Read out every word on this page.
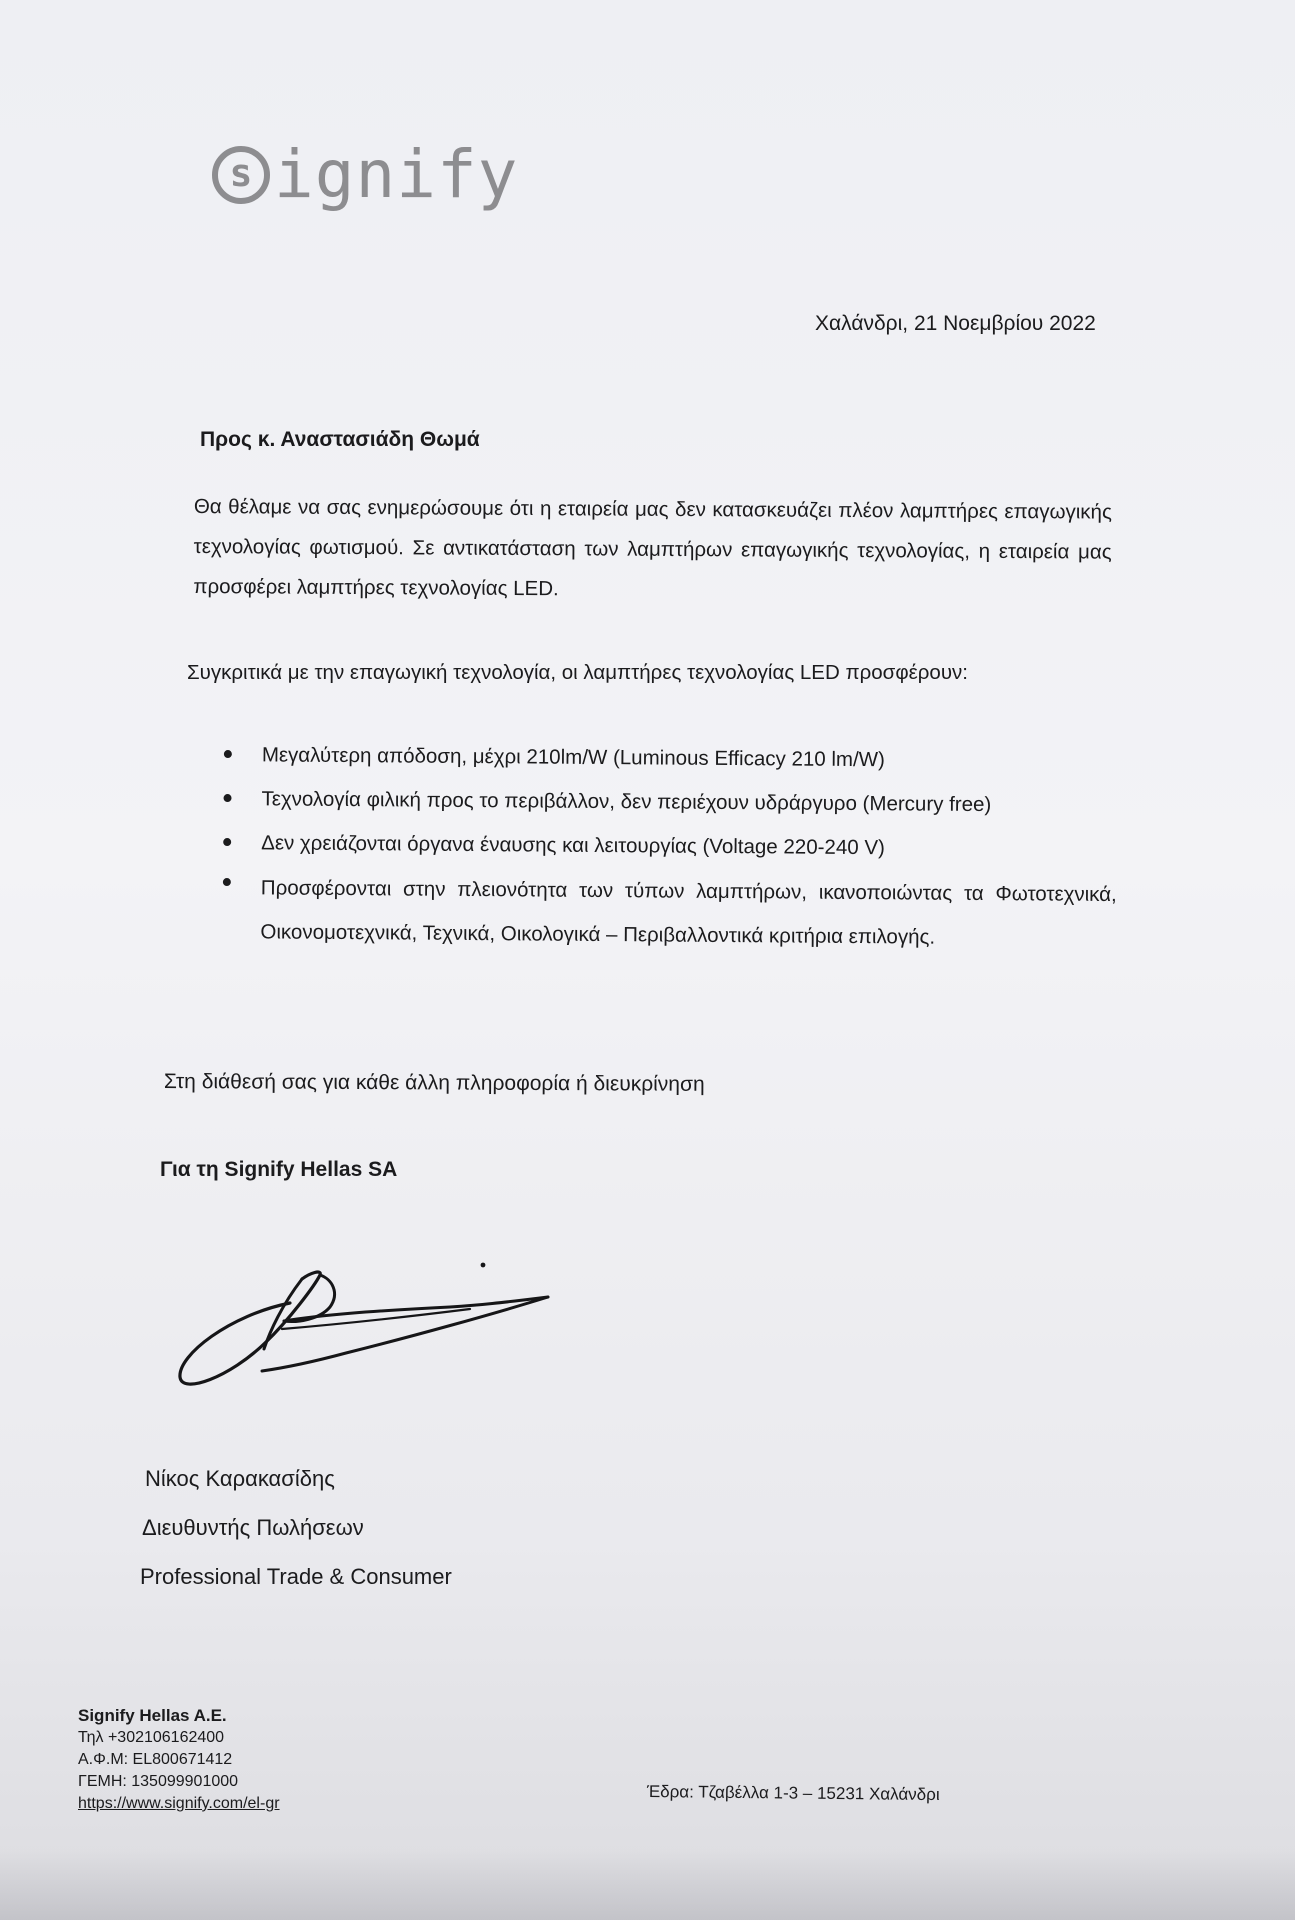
s ignify
Χαλάνδρι, 21 Νοεμβρίου 2022
Προς κ. Αναστασιάδη Θωμά
Θα θέλαμε να σας ενημερώσουμε ότι η εταιρεία μας δεν κατασκευάζει πλέον λαμπτήρες επαγωγικής τεχνολογίας φωτισμού. Σε αντικατάσταση των λαμπτήρων επαγωγικής τεχνολογίας, η εταιρεία μας προσφέρει λαμπτήρες τεχνολογίας LED.
Συγκριτικά με την επαγωγική τεχνολογία, οι λαμπτήρες τεχνολογίας LED προσφέρουν:
Μεγαλύτερη απόδοση, μέχρι 210lm/W (Luminous Efficacy 210 lm/W)
Τεχνολογία φιλική προς το περιβάλλον, δεν περιέχουν υδράργυρο (Mercury free)
Δεν χρειάζονται όργανα έναυσης και λειτουργίας (Voltage 220-240 V)
Προσφέρονται στην πλειονότητα των τύπων λαμπτήρων, ικανοποιώντας τα Φωτοτεχνικά, Οικονομοτεχνικά, Τεχνικά, Οικολογικά – Περιβαλλοντικά κριτήρια επιλογής.
Στη διάθεσή σας για κάθε άλλη πληροφορία ή διευκρίνηση
Για τη Signify Hellas SA
Νίκος Καρακασίδης
Διευθυντής Πωλήσεων
Professional Trade & Consumer
Signify Hellas A.E.
Τηλ +302106162400
Α.Φ.Μ: EL800671412
ΓΕΜΗ: 135099901000
https://www.signify.com/el-gr	Έδρα: Τζαβέλλα 1-3 – 15231 Χαλάνδρι
